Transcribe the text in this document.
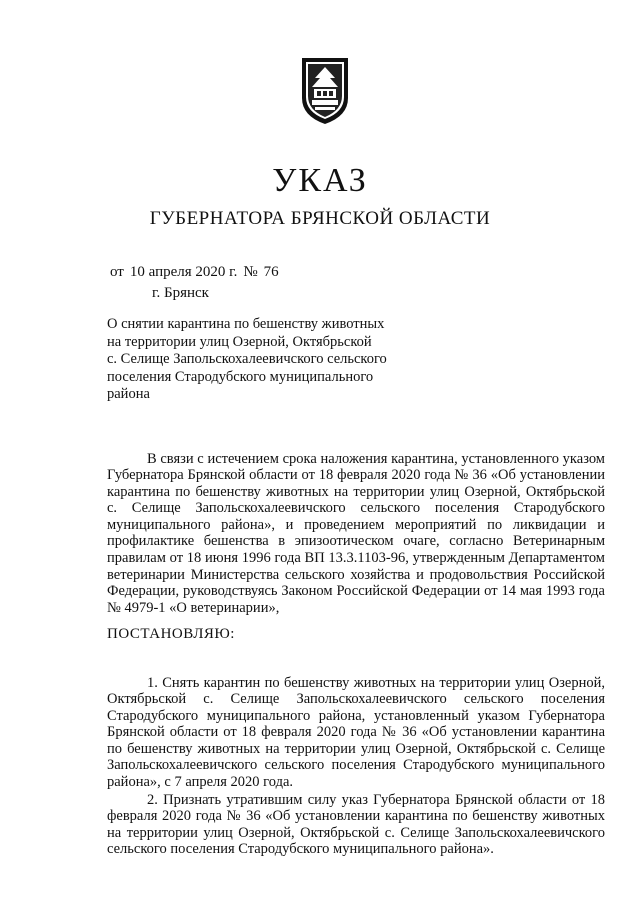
УКАЗ
ГУБЕРНАТОРА БРЯНСКОЙ ОБЛАСТИ
от 10 апреля 2020 г. № 76
г. Брянск
О снятии карантина по бешенству животных
на территории улиц Озерной, Октябрьской
с. Селище Запольскохалеевичского сельского
поселения Стародубского муниципального
района

В связи с истечением срока наложения карантина, установленного указом Губернатора Брянской области от 18 февраля 2020 года № 36 «Об установлении карантина по бешенству животных на территории улиц Озерной, Октябрьской с. Селище Запольскохалеевичского сельского поселения Стародубского муниципального района», и проведением мероприятий по ликвидации и профилактике бешенства в эпизоотическом очаге, согласно Ветеринарным правилам от 18 июня 1996 года ВП 13.3.1103-96, утвержденным Департаментом ветеринарии Министерства сельского хозяйства и продовольствия Российской Федерации, руководствуясь Законом Российской Федерации от 14 мая 1993 года № 4979-1 «О ветеринарии»,

ПОСТАНОВЛЯЮ:

1. Снять карантин по бешенству животных на территории улиц Озерной, Октябрьской с. Селище Запольскохалеевичского сельского поселения Стародубского муниципального района, установленный указом Губернатора Брянской области от 18 февраля 2020 года № 36 «Об установлении карантина по бешенству животных на территории улиц Озерной, Октябрьской с. Селище Запольскохалеевичского сельского поселения Стародубского муниципального района», с 7 апреля 2020 года.

2. Признать утратившим силу указ Губернатора Брянской области от 18 февраля 2020 года № 36 «Об установлении карантина по бешенству животных на территории улиц Озерной, Октябрьской с. Селище Запольскохалеевичского сельского поселения Стародубского муниципального района».
